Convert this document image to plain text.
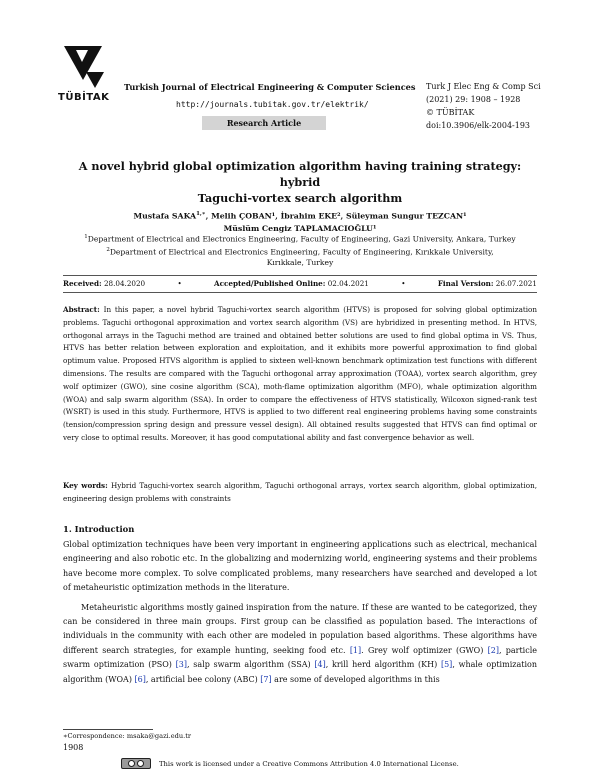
TÜBİTAK
Turkish Journal of Electrical Engineering & Computer Sciences
http://journals.tubitak.gov.tr/elektrik/
Research Article
Turk J Elec Eng & Comp Sci
(2021) 29: 1908 – 1928
© TÜBİTAK
doi:10.3906/elk-2004-193
A novel hybrid global optimization algorithm having training strategy: hybrid
Taguchi-vortex search algorithm
Mustafa $SAKA^{1,∗}$, Melih ÇOBAN¹, İbrahim EKE², Süleyman Sungur TEZCAN¹
Müslüm Cengiz TAPLAMACIOĞLU¹
$^1$Department of Electrical and Electronics Engineering, Faculty of Engineering, Gazi University, Ankara, Turkey
$^2$Department of Electrical and Electronics Engineering, Faculty of Engineering, Kırıkkale University,
Kırıkkale, Turkey
Received: 28.04.2020	•	Accepted/Published Online: 02.04.2021	•	Final Version: 26.07.2021
Abstract: In this paper, a novel hybrid Taguchi-vortex search algorithm (HTVS) is proposed for solving global optimization problems. Taguchi orthogonal approximation and vortex search algorithm (VS) are hybridized in presenting method. In HTVS, orthogonal arrays in the Taguchi method are trained and obtained better solutions are used to find global optima in VS. Thus, HTVS has better relation between exploration and exploitation, and it exhibits more powerful approximation to find global optimum value. Proposed HTVS algorithm is applied to sixteen well-known benchmark optimization test functions with different dimensions. The results are compared with the Taguchi orthogonal array approximation (TOAA), vortex search algorithm, grey wolf optimizer (GWO), sine cosine algorithm (SCA), moth-flame optimization algorithm (MFO), whale optimization algorithm (WOA) and salp swarm algorithm (SSA). In order to compare the effectiveness of HTVS statistically, Wilcoxon signed-rank test (WSRT) is used in this study. Furthermore, HTVS is applied to two different real engineering problems having some constraints (tension/compression spring design and pressure vessel design). All obtained results suggested that HTVS can find optimal or very close to optimal results. Moreover, it has good computational ability and fast convergence behavior as well.
Key words: Hybrid Taguchi-vortex search algorithm, Taguchi orthogonal arrays, vortex search algorithm, global optimization, engineering design problems with constraints
1. Introduction

Global optimization techniques have been very important in engineering applications such as electrical, mechanical engineering and also robotic etc. In the globalizing and modernizing world, engineering systems and their problems have become more complex. To solve complicated problems, many researchers have searched and developed a lot of metaheuristic optimization methods in the literature.

Metaheuristic algorithms mostly gained inspiration from the nature. If these are wanted to be categorized, they can be considered in three main groups. First group can be classified as population based. The interactions of individuals in the community with each other are modeled in population based algorithms. These algorithms have different search strategies, for example hunting, seeking food etc. [1]. Grey wolf optimizer (GWO) [2], particle swarm optimization (PSO) [3], salp swarm algorithm (SSA) [4], krill herd algorithm (KH) [5], whale optimization algorithm (WOA) [6], artificial bee colony (ABC) [7] are some of developed algorithms in this

∗Correspondence: msaka@gazi.edu.tr
1908
This work is licensed under a Creative Commons Attribution 4.0 International License.
